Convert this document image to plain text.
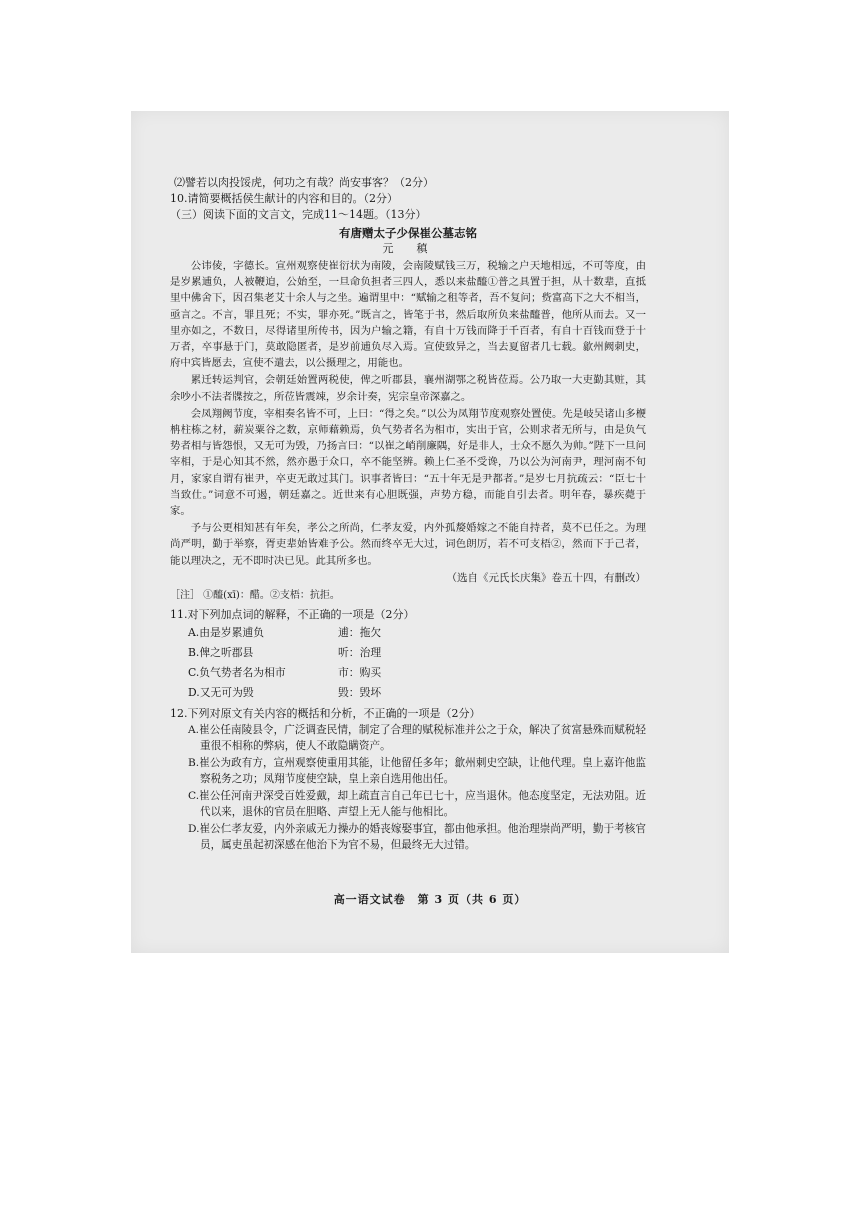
⑵譬若以肉投馁虎，何功之有哉？尚安事客？（2分）

10.请简要概括侯生献计的内容和目的。（2分）

（三）阅读下面的文言文，完成11～14题。（13分）

有唐赠太子少保崔公墓志铭

元　稹

公讳倰，字德长。宣州观察使崔衍状为南陵，会南陵赋钱三万，税输之户天地相远，不可等度，由是岁累逋负，人被鞭迫，公始至，一旦命负担者三四人，悉以来盐醯①普之具置于担，从十数辈，直抵里中佛舍下，因召集老艾十余人与之坐。遍谓里中：“赋输之租等者，吾不复问；赀富高下之大不相当，亟言之。不言，罪且死；不实，罪亦死。”既言之，皆笔于书，然后取所负来盐醯普，他所从而去。又一里亦如之，不数日，尽得诸里所传书，因为户输之籍，有自十万钱而降于千百者，有自十百钱而登于十万者，卒事悬于门，莫敢隐匿者，是岁前逋负尽入焉。宣使致异之，当去夏留者几七载。歙州阙刺史，府中宾皆愿去，宣使不遣去，以公摄理之，用能也。

累迁转运判官，会朝廷始置两税使，俾之听郡县，襄州湖鄂之税皆莅焉。公乃取一大吏勤其赃，其余吵小不法者牒按之，所莅皆震竦，岁余计奏，宪宗皇帝深嘉之。

会凤翔阙节度，宰相奏名皆不可，上曰：“得之矣。”以公为凤翔节度观察处置使。先是岐吴诸山多楩柟柱栋之材，薪炭粟谷之数，京师藉赖焉，负气势者名为相市，实出于官，公则求者无所与，由是负气势者相与皆怨恨，又无可为毁，乃扬言曰：“以崔之峭削廉隅，好是非人，士众不愿久为帅。”陛下一旦问宰相，于是心知其不然，然亦愚于众口，卒不能坚辨。赖上仁圣不受谗，乃以公为河南尹，理河南不旬月，家家自谓有崔尹，卒吏无敢过其门。识事者皆曰：“五十年无是尹都者。”是岁七月抗疏云：“臣七十当致仕。”词意不可遏，朝廷嘉之。近世来有心胆既强，声势方稳，而能自引去者。明年春，暴疾薨于家。

予与公更相知甚有年矣，孝公之所尚，仁孝友爱，内外孤嫠婚嫁之不能自持者，莫不已任之。为理尚严明，勤于举察，胥吏辈始皆难予公。然而终卒无大过，词色朗厉，若不可支梧②，然而下于己者，能以理决之，无不即时决已见。此其所多也。

（选自《元氏长庆集》卷五十四，有删改）

［注］ ①醯(xī)：醋。②支梧：抗拒。

11.对下列加点词的解释，不正确的一项是（2分）

A.由是岁累逋负	逋：拖欠
B.俾之听郡县	听：治理
C.负气势者名为相市	市：购买
D.又无可为毁	毁：毁坏

12.下列对原文有关内容的概括和分析，不正确的一项是（2分）

A.崔公任南陵县令，广泛调查民情，制定了合理的赋税标准并公之于众，解决了贫富悬殊而赋税轻重很不相称的弊病，使人不敢隐瞒资产。

B.崔公为政有方，宣州观察使重用其能，让他留任多年；歙州刺史空缺，让他代理。皇上嘉许他监察税务之功；凤翔节度使空缺，皇上亲自选用他出任。

C.崔公任河南尹深受百姓爱戴，却上疏直言自己年已七十，应当退休。他态度坚定，无法劝阻。近代以来，退休的官员在胆略、声望上无人能与他相比。

D.崔公仁孝友爱，内外亲戚无力操办的婚丧嫁娶事宜，都由他承担。他治理崇尚严明，勤于考核官员，属吏虽起初深感在他治下为官不易，但最终无大过错。

高一语文试卷　第 3 页（共 6 页）
